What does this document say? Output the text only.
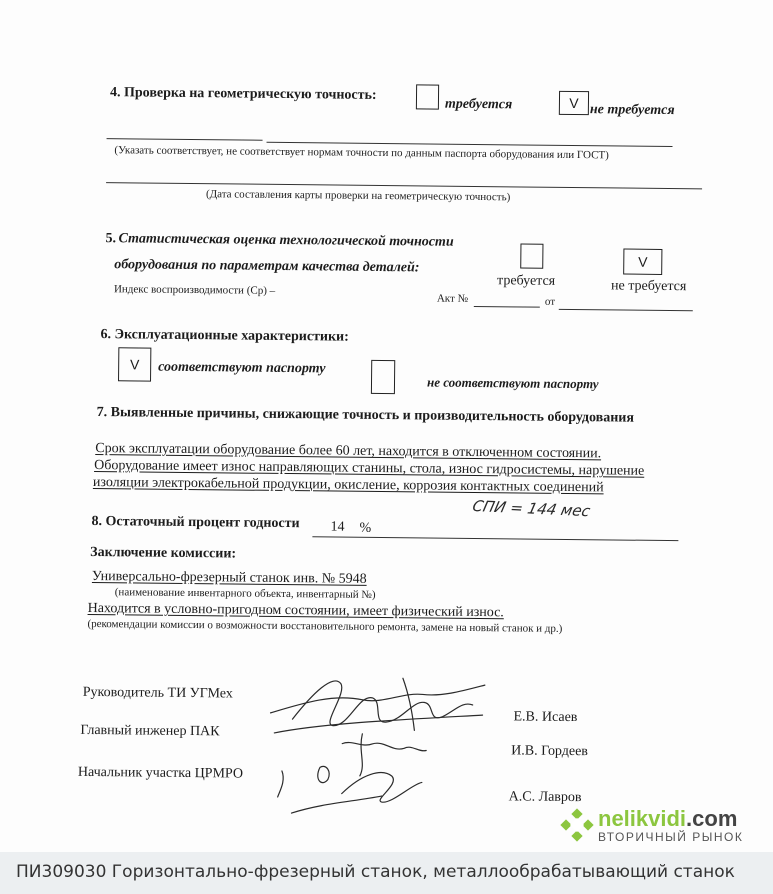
4. Проверка на геометрическую точность:
требуется	V не требуется
(Указать соответствует, не соответствует нормам точности по данным паспорта оборудования или ГОСТ)
(Дата составления карты проверки на геометрическую точность)
5. Статистическая оценка технологической точности
оборудования по параметрам качества деталей:
Индекс воспроизводимости (Ср) –
требуется
V
не требуется
Акт №	от
6. Эксплуатационные характеристики:
V	соответствуют паспорту
не соответствуют паспорту
7. Выявленные причины, снижающие точность и производительность оборудования
Срок эксплуатации оборудование более 60 лет, находится в отключенном состоянии.
Оборудование имеет износ направляющих станины, стола, износ гидросистемы, нарушение
изоляции электрокабельной продукции, окисление, коррозия контактных соединений
СПИ = 144 мес
8. Остаточный процент годности 14 %
Заключение комиссии:
Универсально-фрезерный станок инв. № 5948
(наименование инвентарного объекта, инвентарный №)
Находится в условно-пригодном состоянии, имеет физический износ.
(рекомендации комиссии о возможности восстановительного ремонта, замене на новый станок и др.)
Руководитель ТИ УГМех
Е.В. Исаев
Главный инженер ПАК
И.В. Гордеев
Начальник участка ЦРМРО
А.С. Лавров
nelikvidi.com
ВТОРИЧНЫЙ РЫНОК
ПИ309030 Горизонтально-фрезерный станок, металлообрабатывающий станок
